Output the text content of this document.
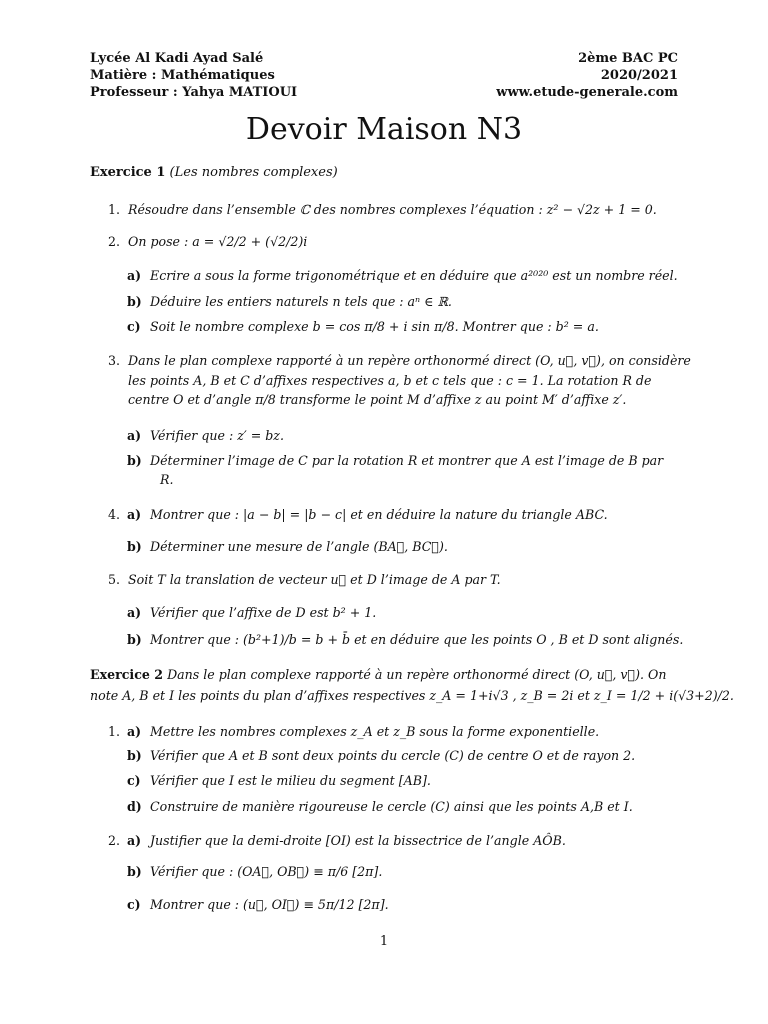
Lycée Al Kadi Ayad Salé
Matière : Mathématiques
Professeur : Yahya MATIOUI
2ème BAC PC
2020/2021
www.etude-generale.com
Devoir Maison N3
Exercice 1 (Les nombres complexes)
1. Résoudre dans l’ensemble ℂ des nombres complexes l’équation : z² − √2z + 1 = 0.
2. On pose : a = √2/2 + (√2/2)i
a) Ecrire a sous la forme trigonométrique et en déduire que a²⁰²⁰ est un nombre réel.
b) Déduire les entiers naturels n tels que : aⁿ ∈ ℝ.
c) Soit le nombre complexe b = cos π/8 + i sin π/8. Montrer que : b² = a.
3. Dans le plan complexe rapporté à un repère orthonormé direct (O, u⃗, v⃗), on considère
les points A, B et C d’affixes respectives a, b et c tels que : c = 1. La rotation R de
centre O et d’angle π/8 transforme le point M d’affixe z au point M′ d’affixe z′.
a) Vérifier que : z′ = bz.
b) Déterminer l’image de C par la rotation R et montrer que A est l’image de B par
R.
4. a) Montrer que : |a − b| = |b − c| et en déduire la nature du triangle ABC.
b) Déterminer une mesure de l’angle (BA⃗, BC⃗).
5. Soit T la translation de vecteur u⃗ et D l’image de A par T.
a) Vérifier que l’affixe de D est b² + 1.
b) Montrer que : (b²+1)/b = b + b̄ et en déduire que les points O , B et D sont alignés.
Exercice 2 Dans le plan complexe rapporté à un repère orthonormé direct (O, u⃗, v⃗). On
note A, B et I les points du plan d’affixes respectives z_A = 1+i√3 , z_B = 2i et z_I = 1/2 + i(√3+2)/2.
1. a) Mettre les nombres complexes z_A et z_B sous la forme exponentielle.
b) Vérifier que A et B sont deux points du cercle (C) de centre O et de rayon 2.
c) Vérifier que I est le milieu du segment [AB].
d) Construire de manière rigoureuse le cercle (C) ainsi que les points A,B et I.
2. a) Justifier que la demi-droite [OI) est la bissectrice de l’angle AÔB.
b) Vérifier que : (OA⃗, OB⃗) ≡ π/6 [2π].
c) Montrer que : (u⃗, OI⃗) ≡ 5π/12 [2π].
1
